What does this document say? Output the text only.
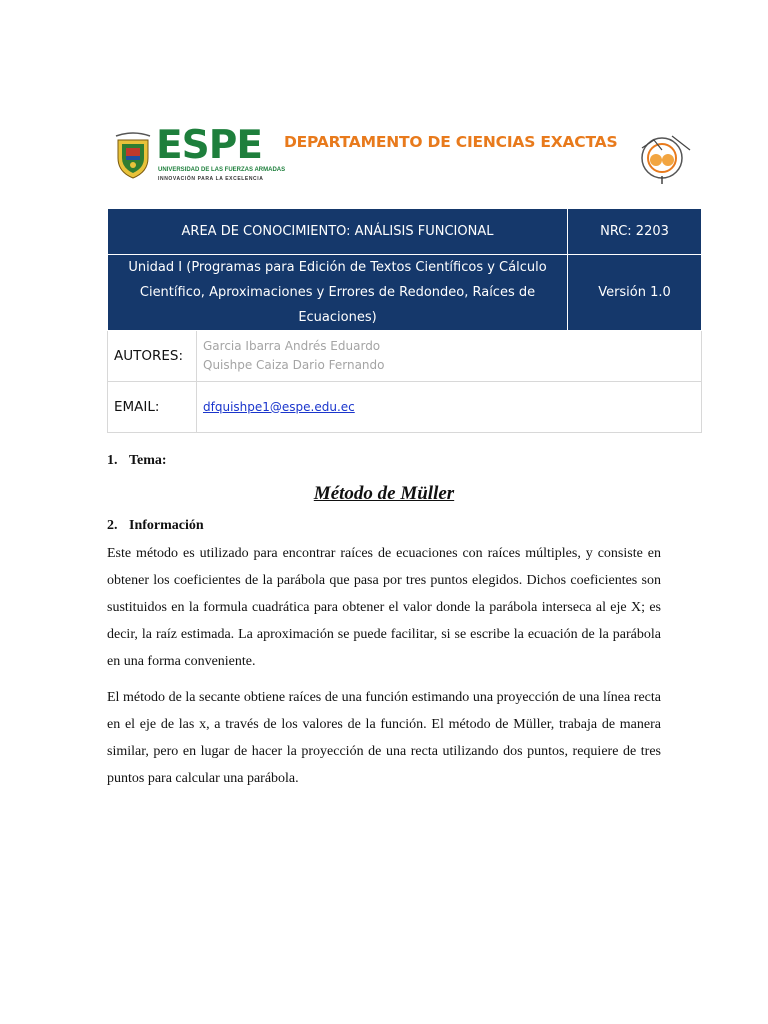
ESPE
UNIVERSIDAD DE LAS FUERZAS ARMADAS
INNOVACIÓN PARA LA EXCELENCIA
DEPARTAMENTO DE CIENCIAS EXACTAS
AREA DE CONOCIMIENTO: ANÁLISIS FUNCIONAL		NRC: 2203
Unidad I (Programas para Edición de Textos Científicos y Cálculo Científico, Aproximaciones y Errores de Redondeo, Raíces de Ecuaciones)		Versión 1.0
AUTORES:	Garcia Ibarra Andrés Eduardo
Quishpe Caiza Dario Fernando	

EMAIL:	dfquishpe1@espe.edu.ec	
1. Tema:
Método de Müller
2. Información

Este método es utilizado para encontrar raíces de ecuaciones con raíces múltiples, y consiste en obtener los coeficientes de la parábola que pasa por tres puntos elegidos. Dichos coeficientes son sustituidos en la formula cuadrática para obtener el valor donde la parábola interseca al eje X; es decir, la raíz estimada. La aproximación se puede facilitar, si se escribe la ecuación de la parábola en una forma conveniente.

El método de la secante obtiene raíces de una función estimando una proyección de una línea recta en el eje de las x, a través de los valores de la función. El método de Müller, trabaja de manera similar, pero en lugar de hacer la proyección de una recta utilizando dos puntos, requiere de tres puntos para calcular una parábola.
